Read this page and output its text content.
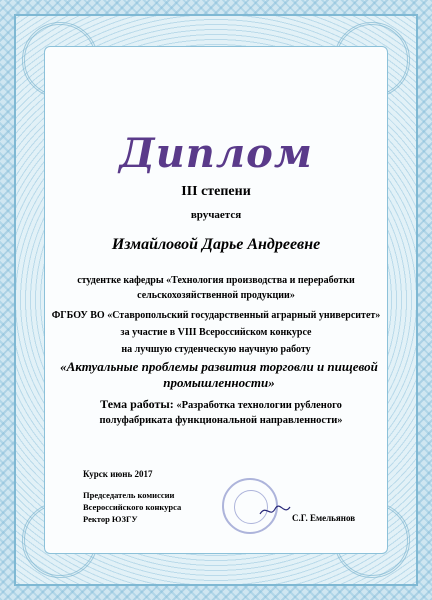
Диплом
III степени
вручается
Измайловой Дарье Андреевне
студентке кафедры «Технология производства и переработки сельскохозяйственной продукции»
ФГБОУ ВО «Ставропольский государственный аграрный университет»
за участие в VIII Всероссийском конкурсе
на лучшую студенческую научную работу
«Актуальные проблемы развития торговли и пищевой промышленности»
Тема работы: «Разработка технологии рубленого полуфабриката функциональной направленности»
Курск июнь 2017
Председатель комиссии
Всероссийского конкурса
Ректор ЮЗГУ	С.Г. Емельянов
